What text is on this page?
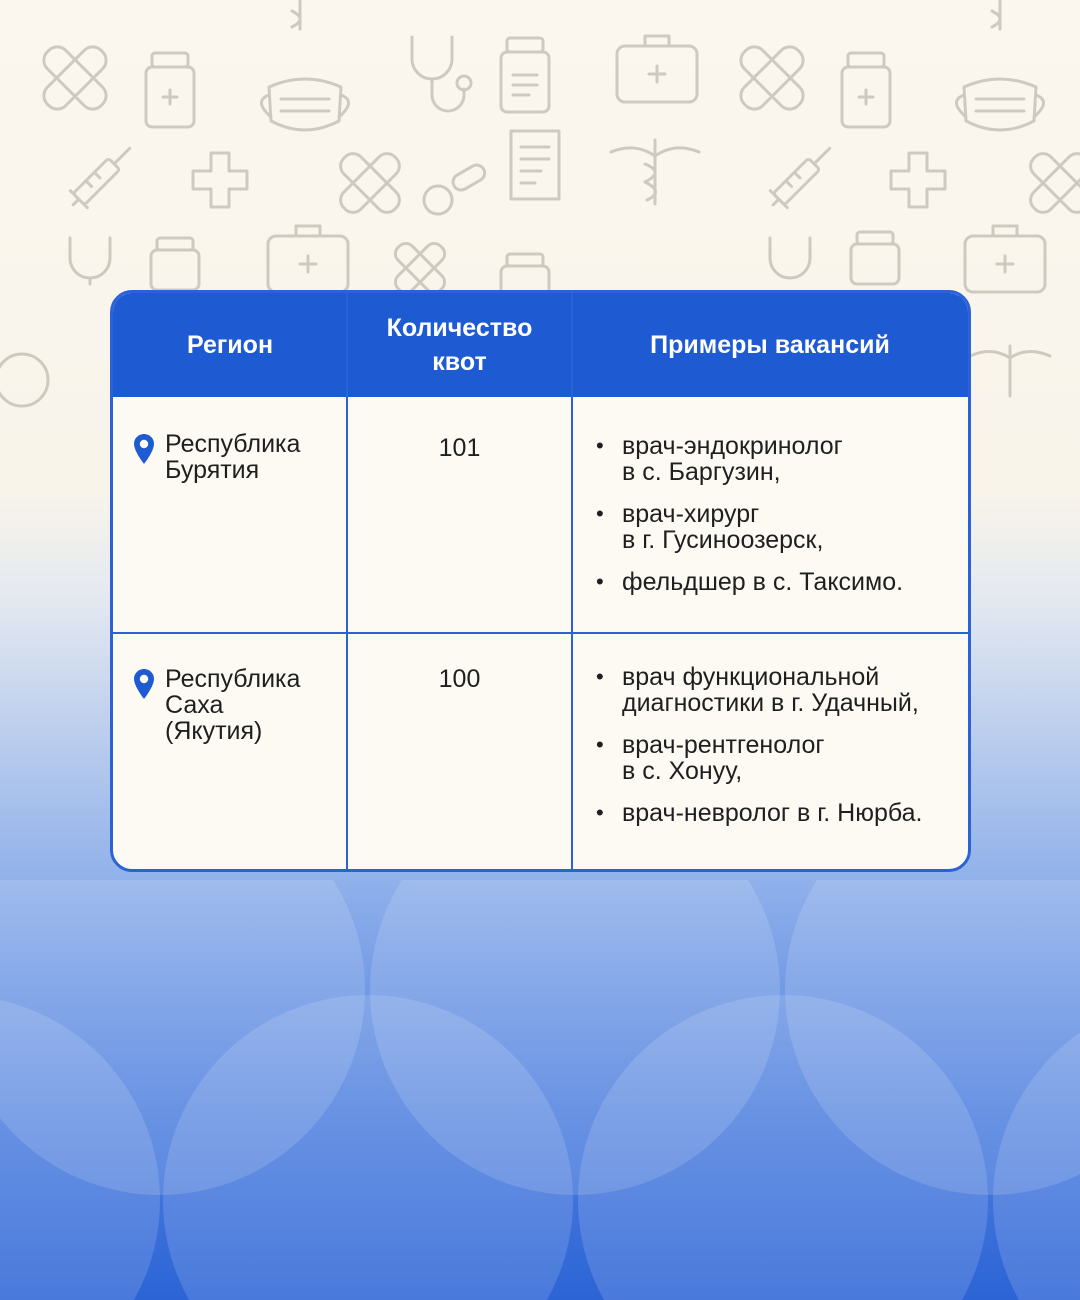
Регион
Количество
квот
Примеры вакансий
Республика
Бурятия
101	• врач-эндокринолог
в с. Баргузин,
• врач-хирург
в г. Гусиноозерск,
• фельдшер в с. Таксимо.
Республика
Саха
(Якутия)
100	• врач функциональной
диагностики в г. Удачный,
• врач-рентгенолог
в с. Хонуу,
• врач-невролог в г. Нюрба.
